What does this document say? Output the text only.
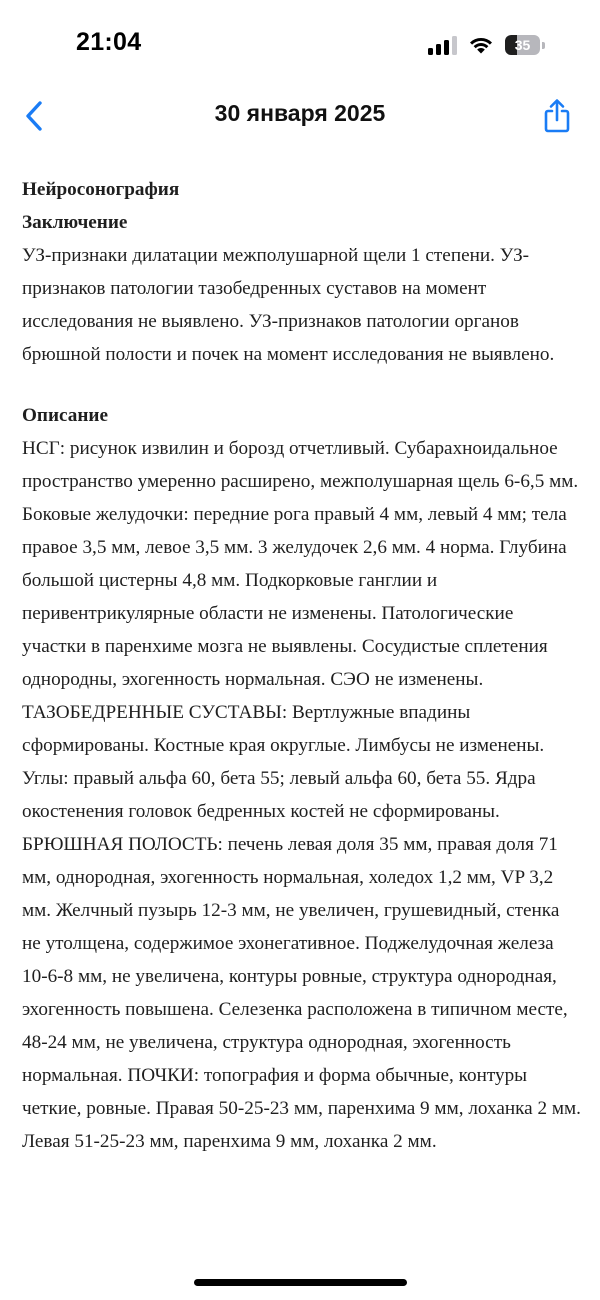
21:04	35
30 января 2025

Нейросонография

Заключение

УЗ-признаки дилатации межполушарной щели 1 степени. УЗ-признаков патологии тазобедренных суставов на момент исследования не выявлено. УЗ-признаков патологии органов брюшной полости и почек на момент исследования не выявлено.

Описание

НСГ: рисунок извилин и борозд отчетливый. Субарахноидальное пространство умеренно расширено, межполушарная щель 6-6,5 мм. Боковые желудочки: передние рога правый 4 мм, левый 4 мм; тела правое 3,5 мм, левое 3,5 мм. 3 желудочек 2,6 мм. 4 норма. Глубина большой цистерны 4,8 мм. Подкорковые ганглии и перивентрикулярные области не изменены. Патологические участки в паренхиме мозга не выявлены. Сосудистые сплетения однородны, эхогенность нормальная. СЭО не изменены. ТАЗОБЕДРЕННЫЕ СУСТАВЫ: Вертлужные впадины сформированы. Костные края округлые. Лимбусы не изменены. Углы: правый альфа 60, бета 55; левый альфа 60, бета 55. Ядра окостенения головок бедренных костей не сформированы. БРЮШНАЯ ПОЛОСТЬ: печень левая доля 35 мм, правая доля 71 мм, однородная, эхогенность нормальная, холедох 1,2 мм, VP 3,2 мм. Желчный пузырь 12-3 мм, не увеличен, грушевидный, стенка не утолщена, содержимое эхонегативное. Поджелудочная железа 10-6-8 мм, не увеличена, контуры ровные, структура однородная, эхогенность повышена. Селезенка расположена в типичном месте, 48-24 мм, не увеличена, структура однородная, эхогенность нормальная. ПОЧКИ: топография и форма обычные, контуры четкие, ровные. Правая 50-25-23 мм, паренхима 9 мм, лоханка 2 мм. Левая 51-25-23 мм, паренхима 9 мм, лоханка 2 мм.
